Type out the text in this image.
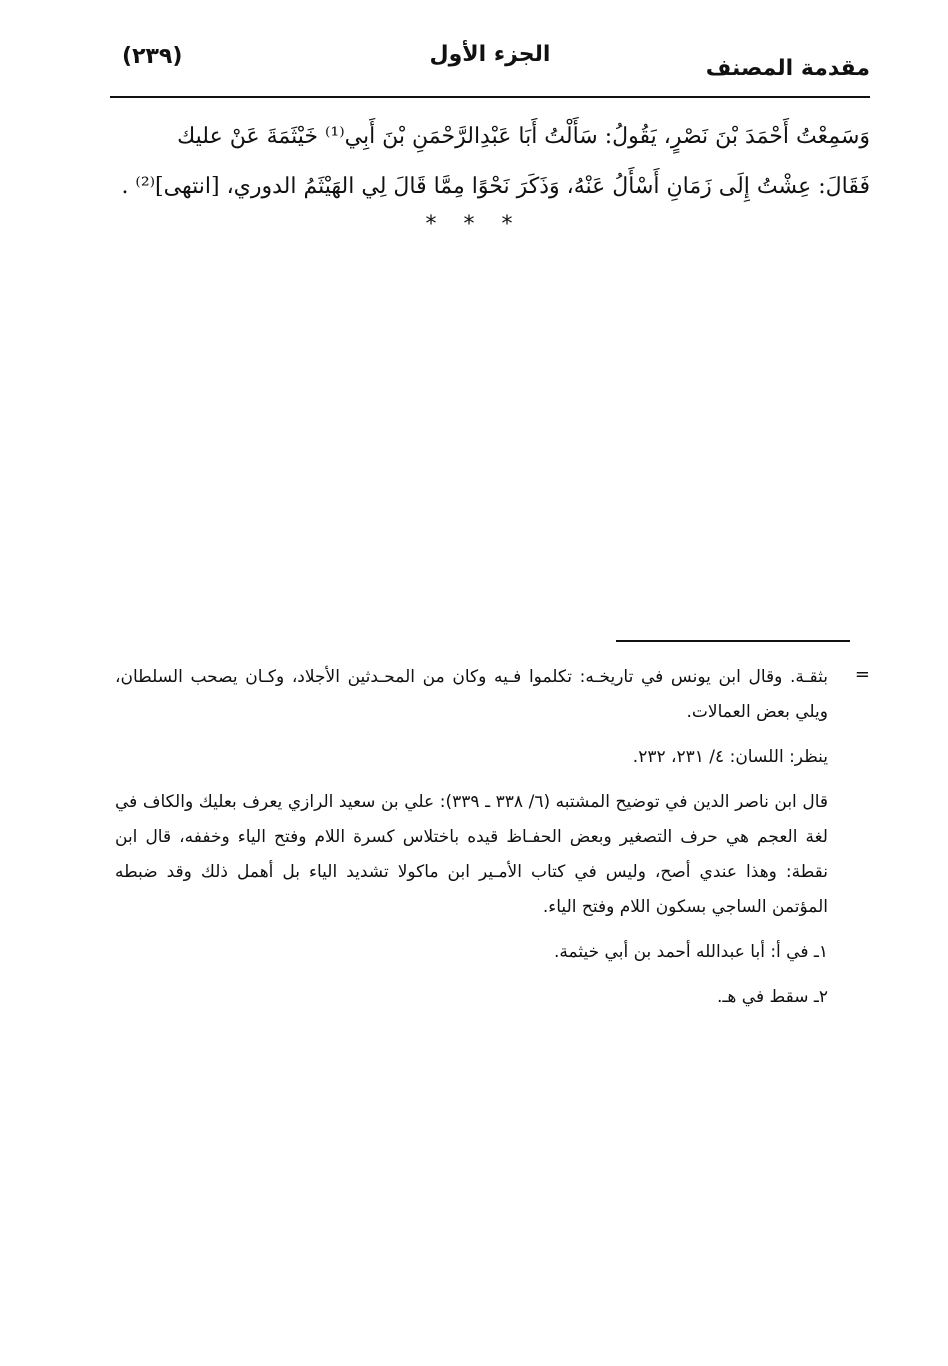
مقدمة المصنف
الجزء الأول
(٢٣٩)

وَسَمِعْتُ أَحْمَدَ بْنَ نَصْرٍ، يَقُولُ: سَأَلْتُ أَبَا عَبْدِالرَّحْمَنِ بْنَ أَبِي⁽¹⁾ خَيْثَمَةَ عَنْ عليك

فَقَالَ: عِشْتُ إِلَى زَمَانِ أَسْأَلُ عَنْهُ، وَذَكَرَ نَحْوًا مِمَّا قَالَ لِي الهَيْثَمُ الدوري، [انتهى]⁽²⁾ .

* * *
=

بثقـة. وقال ابن يونس في تاريخـه: تكلموا فـيه وكان من المحـدثين الأجلاد، وكـان يصحب السلطان، ويلي بعض العمالات.

ينظر: اللسان: ٤/ ٢٣١، ٢٣٢.

قال ابن ناصر الدين في توضيح المشتبه (٦/ ٣٣٨ ـ ٣٣٩): علي بن سعيد الرازي يعرف بعليك والكاف في لغة العجم هي حرف التصغير وبعض الحفـاظ قيده باختلاس كسرة اللام وفتح الياء وخففه، قال ابن نقطة: وهذا عندي أصح، وليس في كتاب الأمـير ابن ماكولا تشديد الياء بل أهمل ذلك وقد ضبطه المؤتمن الساجي بسكون اللام وفتح الياء.

١ـ في أ: أبا عبدالله أحمد بن أبي خيثمة.

٢ـ سقط في هـ.
